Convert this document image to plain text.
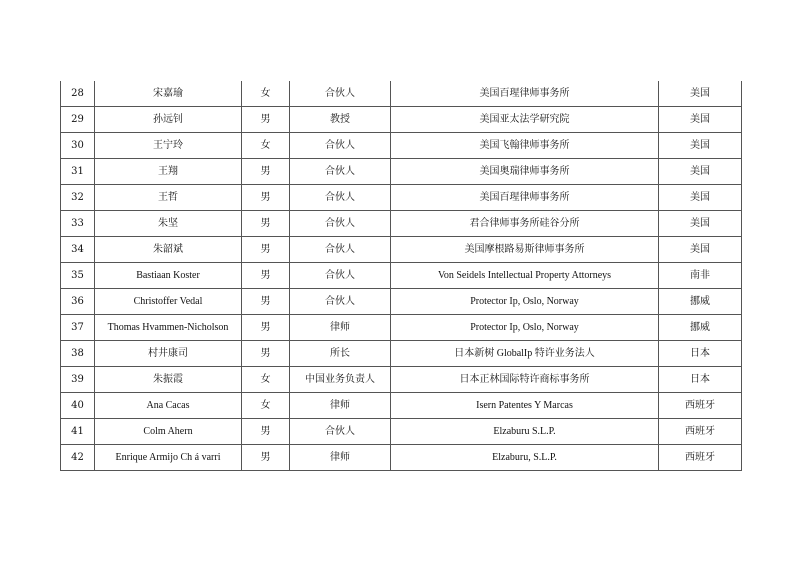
28	宋嘉瑜	女	合伙人	美国百瑆律师事务所	美国
29	孙远钊	男	教授	美国亚太法学研究院	美国
30	王宁玲	女	合伙人	美国飞翰律师事务所	美国
31	王翔	男	合伙人	美国奥瑞律师事务所	美国
32	王哲	男	合伙人	美国百瑆律师事务所	美国
33	朱坚	男	合伙人	君合律师事务所硅谷分所	美国
34	朱韶斌	男	合伙人	美国摩根路易斯律师事务所	美国
35	Bastiaan Koster	男	合伙人	Von Seidels Intellectual Property Attorneys	南非
36	Christoffer Vedal	男	合伙人	Protector Ip, Oslo, Norway	挪威
37	Thomas Hvammen-Nicholson	男	律师	Protector Ip, Oslo, Norway	挪威
38	村井康司	男	所长	日本新树 GlobalIp 特许业务法人	日本
39	朱振霞	女	中国业务负责人	日本正林国际特许商标事务所	日本
40	Ana Cacas	女	律师	Isern Patentes Y Marcas	西班牙
41	Colm Ahern	男	合伙人	Elzaburu S.L.P.	西班牙
42	Enrique Armijo Ch á varri	男	律师	Elzaburu, S.L.P.	西班牙
